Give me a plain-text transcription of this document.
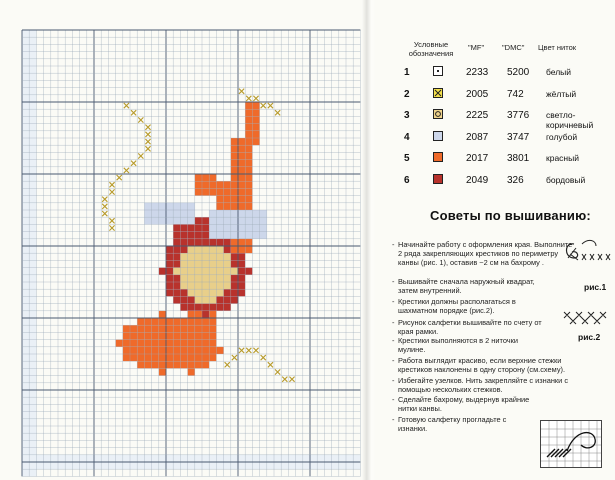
Условные обозначения
"MF" "DMC" Цвет ниток
1	2233 5200 белый
2	2005 742	жёлтый
3	2225 3776 светло-коричневый
4	2087 3747 голубой
5	2017 3801 красный
6	2049 326	бордовый
Советы по вышиванию:
- Начинайте работу с оформления края. Выполните 2 ряда закрепляющих крестиков по периметру канвы (рис. 1), оставив ~2 см на бахрому .
- Вышивайте сначала наружный квадрат, затем внутренний.
- Крестики должны располагаться в шахматном порядке (рис.2).
- Рисунок салфетки вышивайте по счету от края рамки.
- Крестики выполняются в 2 ниточки мулине.
- Работа выглядит красиво, если верхние стежки крестиков наклонены в одну сторону (см.схему).
- Избегайте узелков. Нить закрепляйте с изнанки с помощью нескольких стежков.
- Сделайте бахрому, выдернув крайние нитки канвы.
- Готовую салфетку прогладьте с изнанки.
рис.1
рис.2
